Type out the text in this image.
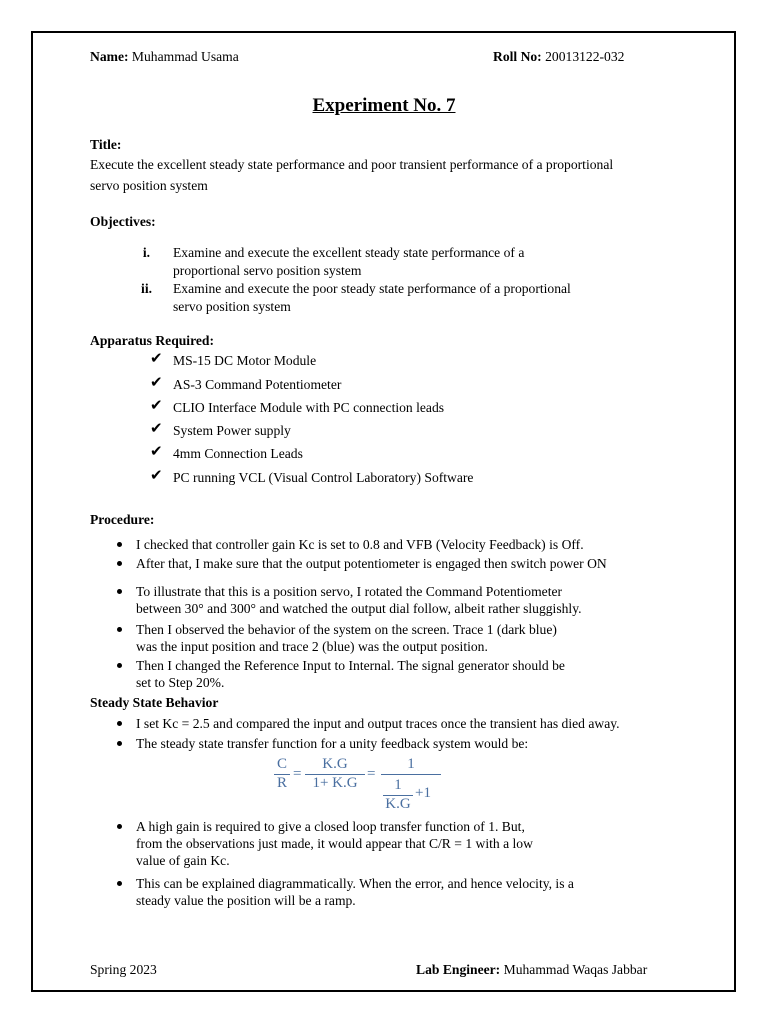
Name: Muhammad Usama	Roll No: 20013122-032
Experiment No. 7
Title:
Execute the excellent steady state performance and poor transient performance of a proportional
servo position system
Objectives:
i. Examine and execute the excellent steady state performance of a
proportional servo position system
ii. Examine and execute the poor steady state performance of a proportional
servo position system
Apparatus Required:
✔ MS-15 DC Motor Module
✔ AS-3 Command Potentiometer
✔ CLIO Interface Module with PC connection leads
✔ System Power supply
✔ 4mm Connection Leads
✔ PC running VCL (Visual Control Laboratory) Software
Procedure:
I checked that controller gain Kc is set to 0.8 and VFB (Velocity Feedback) is Off.
After that, I make sure that the output potentiometer is engaged then switch power ON
To illustrate that this is a position servo, I rotated the Command Potentiometer
between 30° and 300° and watched the output dial follow, albeit rather sluggishly.
Then I observed the behavior of the system on the screen. Trace 1 (dark blue)
was the input position and trace 2 (blue) was the output position.
Then I changed the Reference Input to Internal. The signal generator should be
set to Step 20%.
Steady State Behavior
I set Kc = 2.5 and compared the input and output traces once the transient has died away.
The steady state transfer function for a unity feedback system would be:
C
R
=
K.G
1+ K.G
=
1
1
K.G
+1
A high gain is required to give a closed loop transfer function of 1. But,
from the observations just made, it would appear that C/R = 1 with a low
value of gain Kc.
This can be explained diagrammatically. When the error, and hence velocity, is a
steady value the position will be a ramp.
Spring 2023	Lab Engineer: Muhammad Waqas Jabbar
